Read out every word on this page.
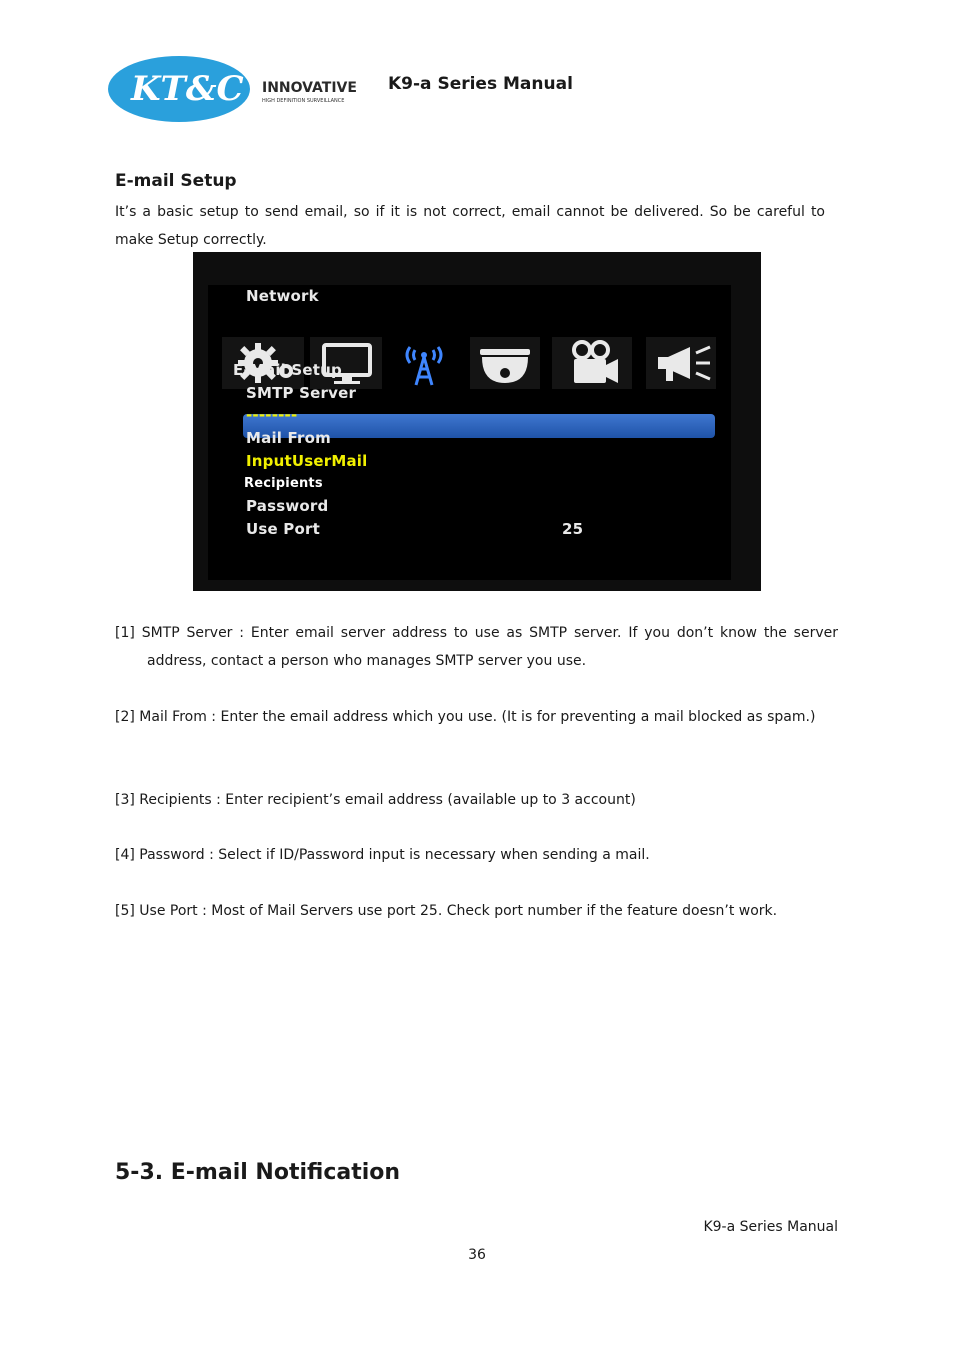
KT&C INNOVATIVE
HIGH DEFINITION SURVEILLANCE
K9-a Series Manual
E-mail Setup
It’s a basic setup to send email, so if it is not correct, email cannot be delivered. So be careful to make Setup correctly.
Network
E-Mail Setup
SMTP Server
--------
Mail From
InputUserMail
Recipients
Password
Use Port	25
[1] SMTP Server : Enter email server address to use as SMTP server. If you don’t know the server
address, contact a person who manages SMTP server you use.
[2] Mail From : Enter the email address which you use. (It is for preventing a mail blocked as spam.)
[3] Recipients : Enter recipient’s email address (available up to 3 account)
[4] Password : Select if ID/Password input is necessary when sending a mail.
[5] Use Port : Most of Mail Servers use port 25. Check port number if the feature doesn’t work.
5-3. E-mail Notification
K9-a Series Manual
36
